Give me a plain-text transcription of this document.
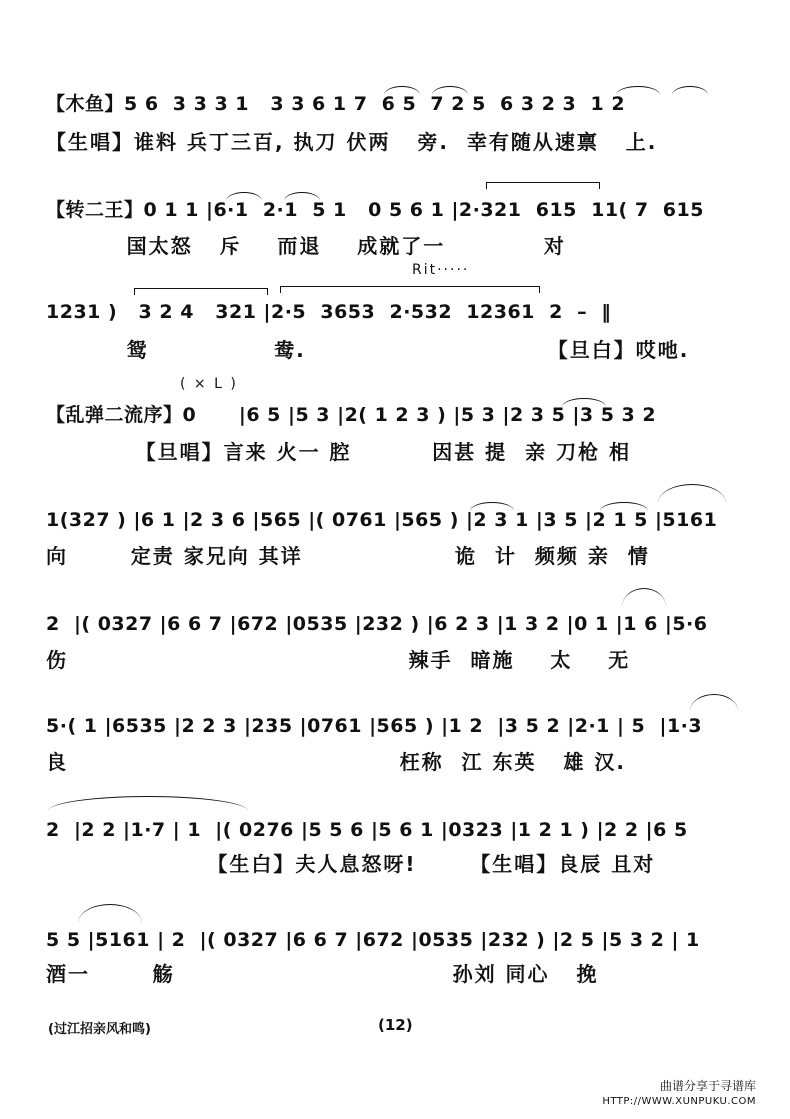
【木鱼】5 6  3 3 3 1   3 3 6 1 7  6 5  7 2 5  6 3 2 3  1 2
【生唱】谁料 兵丁三百, 执刀 伏两   旁.  幸有随从速禀   上.
【转二王】0 1 1 |6·1  2·1  5 1   0 5 6 1 |2·321  615  11( 7  615
国太怒   斥    而退    成就了一           对
Rit·····
1231 )   3 2 4   321 |2·5  3653  2·532  12361  2  –  ‖
鸳              鸯.                           【旦白】哎吔.
( × L )
【乱弹二流序】0      |6 5 |5 3 |2( 1 2 3 ) |5 3 |2 3 5 |3 5 3 2
【旦唱】言来 火一 腔         因甚 提  亲 刀枪 相
1(327 ) |6 1 |2 3 6 |565 |( 0761 |565 ) |2 3 1 |3 5 |2 1 5 |5161
向       定责 家兄向 其详                 诡  计  频频 亲  情
2  |( 0327 |6 6 7 |672 |0535 |232 ) |6 2 3 |1 3 2 |0 1 |1 6 |5·6
伤                                      辣手  暗施    太    无
5·( 1 |6535 |2 2 3 |235 |0761 |565 ) |1 2  |3 5 2 |2·1 | 5  |1·3
良                                     枉称  江 东英   雄 汉.
2  |2 2 |1·7 | 1  |( 0276 |5 5 6 |5 6 1 |0323 |1 2 1 ) |2 2 |6 5
【生白】夫人息怒呀!      【生唱】良辰 且对
5 5 |5161 | 2  |( 0327 |6 6 7 |672 |0535 |232 ) |2 5 |5 3 2 | 1
酒一       觞                               孙刘 同心   挽
(过江招亲风和鸣)	(12)
曲谱分享于寻谱库
HTTP://WWW.XUNPUKU.COM
